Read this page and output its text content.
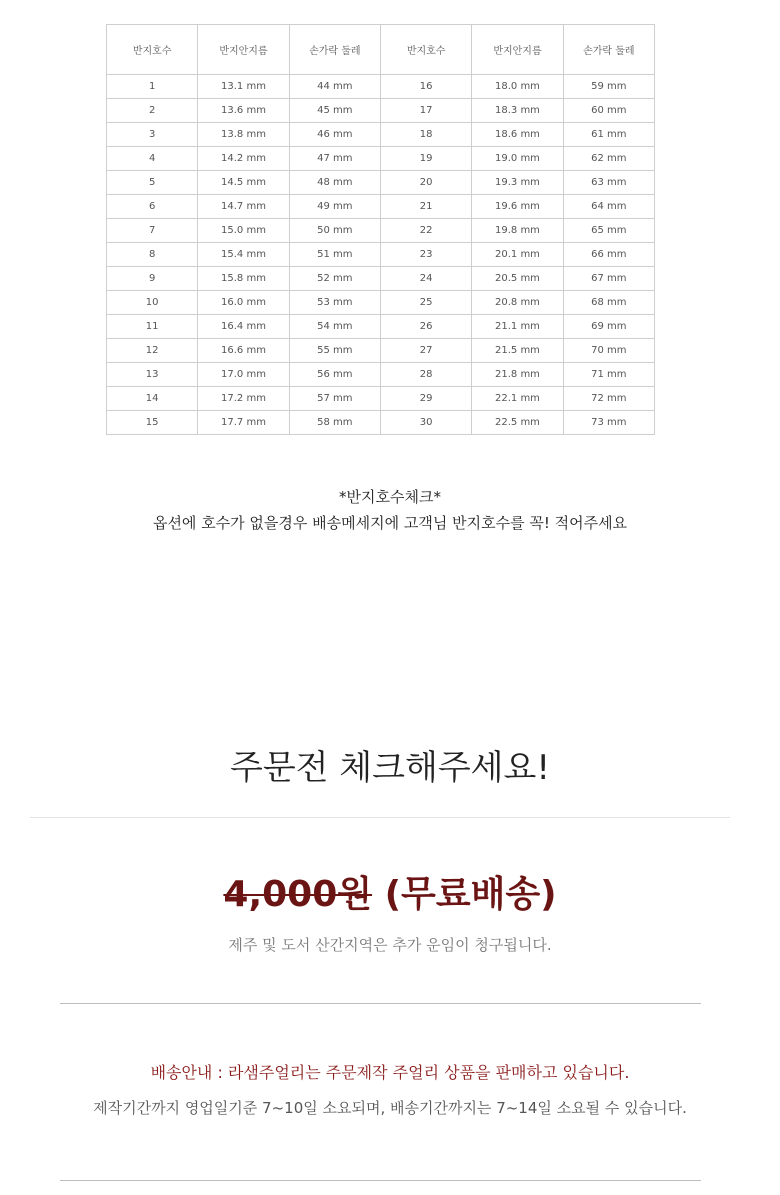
반지호수	반지안지름	손가락 둘레	반지호수	반지안지름	손가락 둘레
1	13.1 mm	44 mm	16	18.0 mm	59 mm
2	13.6 mm	45 mm	17	18.3 mm	60 mm
3	13.8 mm	46 mm	18	18.6 mm	61 mm
4	14.2 mm	47 mm	19	19.0 mm	62 mm
5	14.5 mm	48 mm	20	19.3 mm	63 mm
6	14.7 mm	49 mm	21	19.6 mm	64 mm
7	15.0 mm	50 mm	22	19.8 mm	65 mm
8	15.4 mm	51 mm	23	20.1 mm	66 mm
9	15.8 mm	52 mm	24	20.5 mm	67 mm
10	16.0 mm	53 mm	25	20.8 mm	68 mm
11	16.4 mm	54 mm	26	21.1 mm	69 mm
12	16.6 mm	55 mm	27	21.5 mm	70 mm
13	17.0 mm	56 mm	28	21.8 mm	71 mm
14	17.2 mm	57 mm	29	22.1 mm	72 mm
15	17.7 mm	58 mm	30	22.5 mm	73 mm
*반지호수체크*
옵션에 호수가 없을경우 배송메세지에 고객님 반지호수를 꼭! 적어주세요
주문전 체크해주세요!
4,000원 (무료배송)
제주 및 도서 산간지역은 추가 운임이 청구됩니다.
배송안내 : 라샘주얼리는 주문제작 주얼리 상품을 판매하고 있습니다.
제작기간까지 영업일기준 7~10일 소요되며, 배송기간까지는 7~14일 소요될 수 있습니다.
